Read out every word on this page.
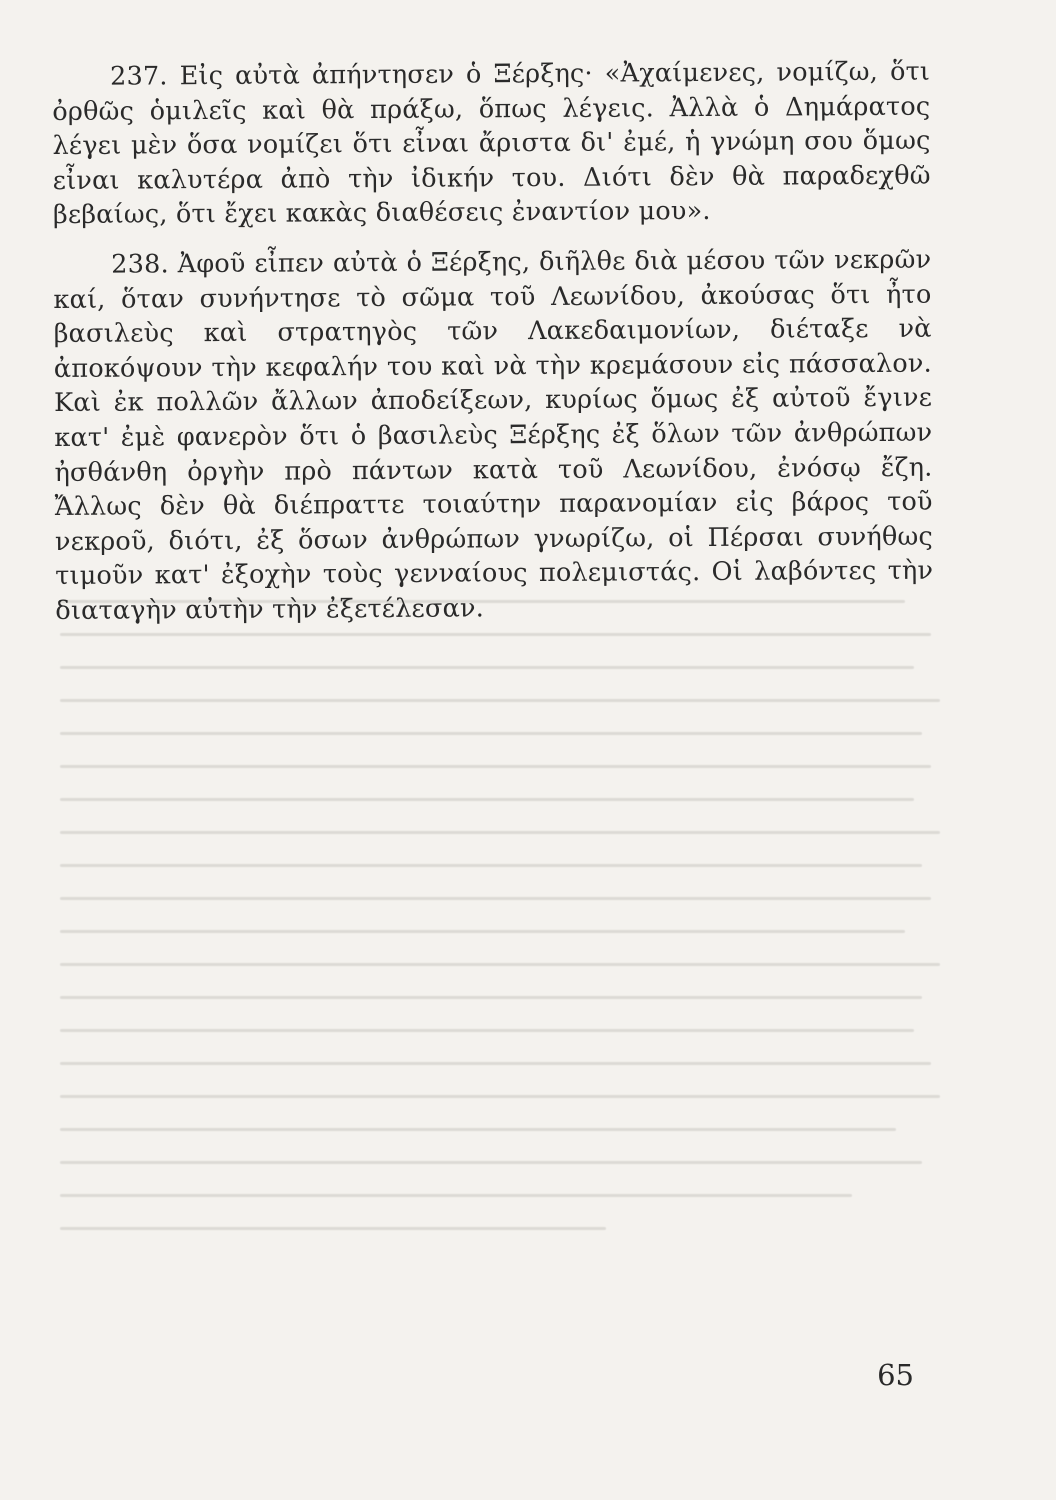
237. Εἰς αὐτὰ ἀπήντησεν ὁ Ξέρξης· «Ἀχαίμενες, νομίζω, ὅτι ὀρθῶς ὁμιλεῖς καὶ θὰ πράξω, ὅπως λέγεις. Ἀλλὰ ὁ Δημάρατος λέγει μὲν ὅσα νομίζει ὅτι εἶναι ἄριστα δι' ἐμέ, ἡ γνώμη σου ὅμως εἶναι καλυτέρα ἀπὸ τὴν ἰδικήν του. Διότι δὲν θὰ παραδεχθῶ βεβαίως, ὅτι ἔχει κακὰς διαθέσεις ἐναντίον μου».

238. Ἀφοῦ εἶπεν αὐτὰ ὁ Ξέρξης, διῆλθε διὰ μέσου τῶν νεκρῶν καί, ὅταν συνήντησε τὸ σῶμα τοῦ Λεωνίδου, ἀκούσας ὅτι ἦτο βασιλεὺς καὶ στρατηγὸς τῶν Λακεδαιμονίων, διέταξε νὰ ἀποκόψουν τὴν κεφαλήν του καὶ νὰ τὴν κρεμάσουν εἰς πάσσαλον. Καὶ ἐκ πολλῶν ἄλλων ἀποδείξεων, κυρίως ὅμως ἐξ αὐτοῦ ἔγινε κατ' ἐμὲ φανερὸν ὅτι ὁ βασιλεὺς Ξέρξης ἐξ ὅλων τῶν ἀνθρώπων ἠσθάνθη ὀργὴν πρὸ πάντων κατὰ τοῦ Λεωνίδου, ἐνόσῳ ἔζη. Ἄλλως δὲν θὰ διέπραττε τοιαύτην παρανομίαν εἰς βάρος τοῦ νεκροῦ, διότι, ἐξ ὅσων ἀνθρώπων γνωρίζω, οἱ Πέρσαι συνήθως τιμοῦν κατ' ἐξοχὴν τοὺς γενναίους πολεμιστάς. Οἱ λαβόντες τὴν διαταγὴν αὐτὴν τὴν ἐξετέλεσαν.

65
